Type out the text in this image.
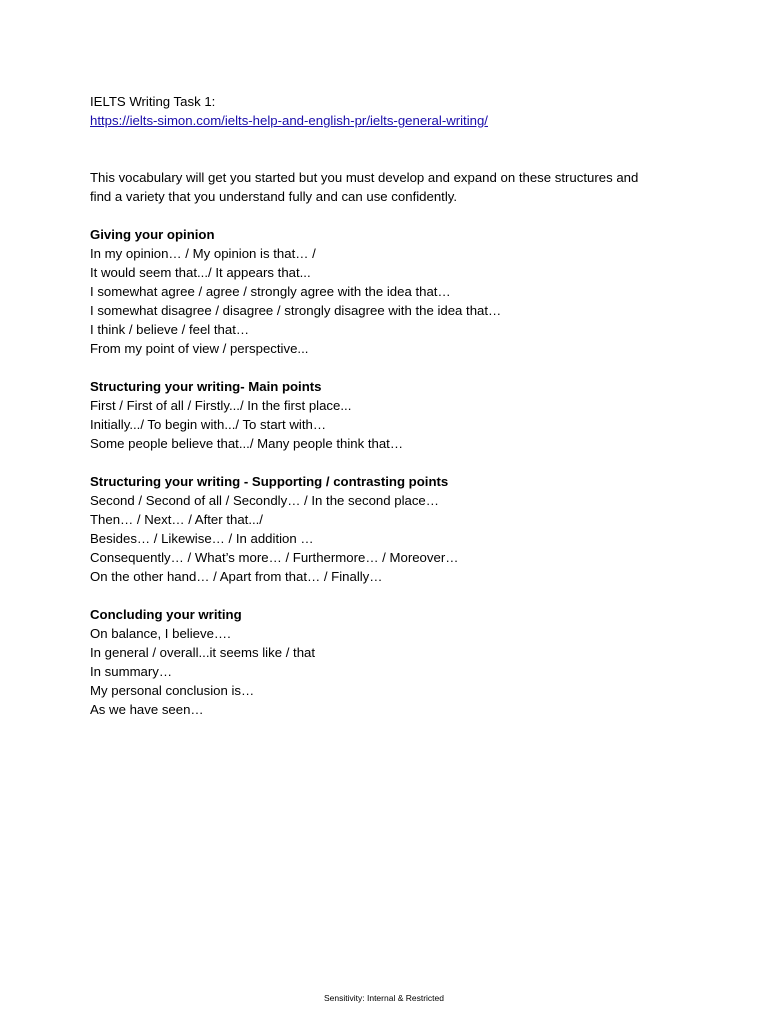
IELTS Writing Task 1:
https://ielts-simon.com/ielts-help-and-english-pr/ielts-general-writing/
This vocabulary will get you started but you must develop and expand on these structures and
find a variety that you understand fully and can use confidently.
Giving your opinion
In my opinion… / My opinion is that… /
It would seem that.../ It appears that...
I somewhat agree / agree / strongly agree with the idea that…
I somewhat disagree / disagree / strongly disagree with the idea that…
I think / believe / feel that…
From my point of view / perspective...
Structuring your writing- Main points
First / First of all / Firstly.../ In the first place...
Initially.../ To begin with.../ To start with…
Some people believe that.../ Many people think that…
Structuring your writing - Supporting / contrasting points
Second / Second of all / Secondly… / In the second place…
Then… / Next… / After that.../
Besides… / Likewise… / In addition …
Consequently… / What’s more… / Furthermore… / Moreover…
On the other hand… / Apart from that… / Finally…
Concluding your writing
On balance, I believe….
In general / overall...it seems like / that
In summary…
My personal conclusion is…
As we have seen…
Sensitivity: Internal & Restricted
